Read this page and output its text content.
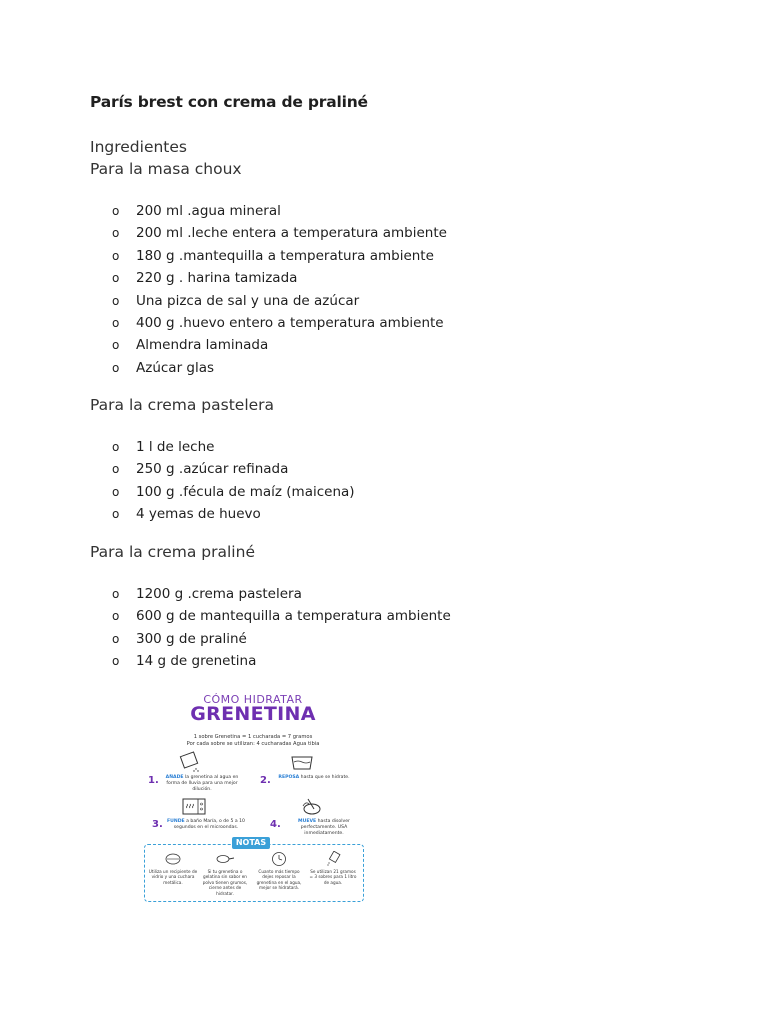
París brest con crema de praliné
Ingredientes
Para la masa choux
o 200 ml .agua mineral
o 200 ml .leche entera a temperatura ambiente
o 180 g .mantequilla a temperatura ambiente
o 220 g . harina tamizada
o Una pizca de sal y una de azúcar
o 400 g .huevo entero a temperatura ambiente
o Almendra laminada
o Azúcar glas
Para la crema pastelera
o 1 l de leche
o 250 g .azúcar refinada
o 100 g .fécula de maíz (maicena)
o 4 yemas de huevo
Para la crema praliné
o 1200 g .crema pastelera
o 600 g de mantequilla a temperatura ambiente
o 300 g de praliné
o 14 g de grenetina
CÓMO HIDRATAR
GRENETINA
1 sobre Grenetina = 1 cucharada = 7 gramos
Por cada sobre se utilizan: 4 cucharadas Agua tibia
1.	AÑADE la grenetina al agua en forma de lluvia para una mejor dilución.
2.	REPOSA hasta que se hidrate.
3. FUNDE a baño María, o de 5 a 10 segundos en el microondas.	4.	MUEVE hasta disolver perfectamente. USA inmediatamente.
NOTAS
Utiliza un recipiente de vidrio y una cuchara metálica.
Si tu grenetina o gelatina sin sabor en polvo tienen grumos, cierne antes de hidratar.
Cuanto más tiempo dejes reposar la grenetina en el agua, mejor se hidratará.
Se utilizan 21 gramos = 3 sobres para 1 litro de agua.
